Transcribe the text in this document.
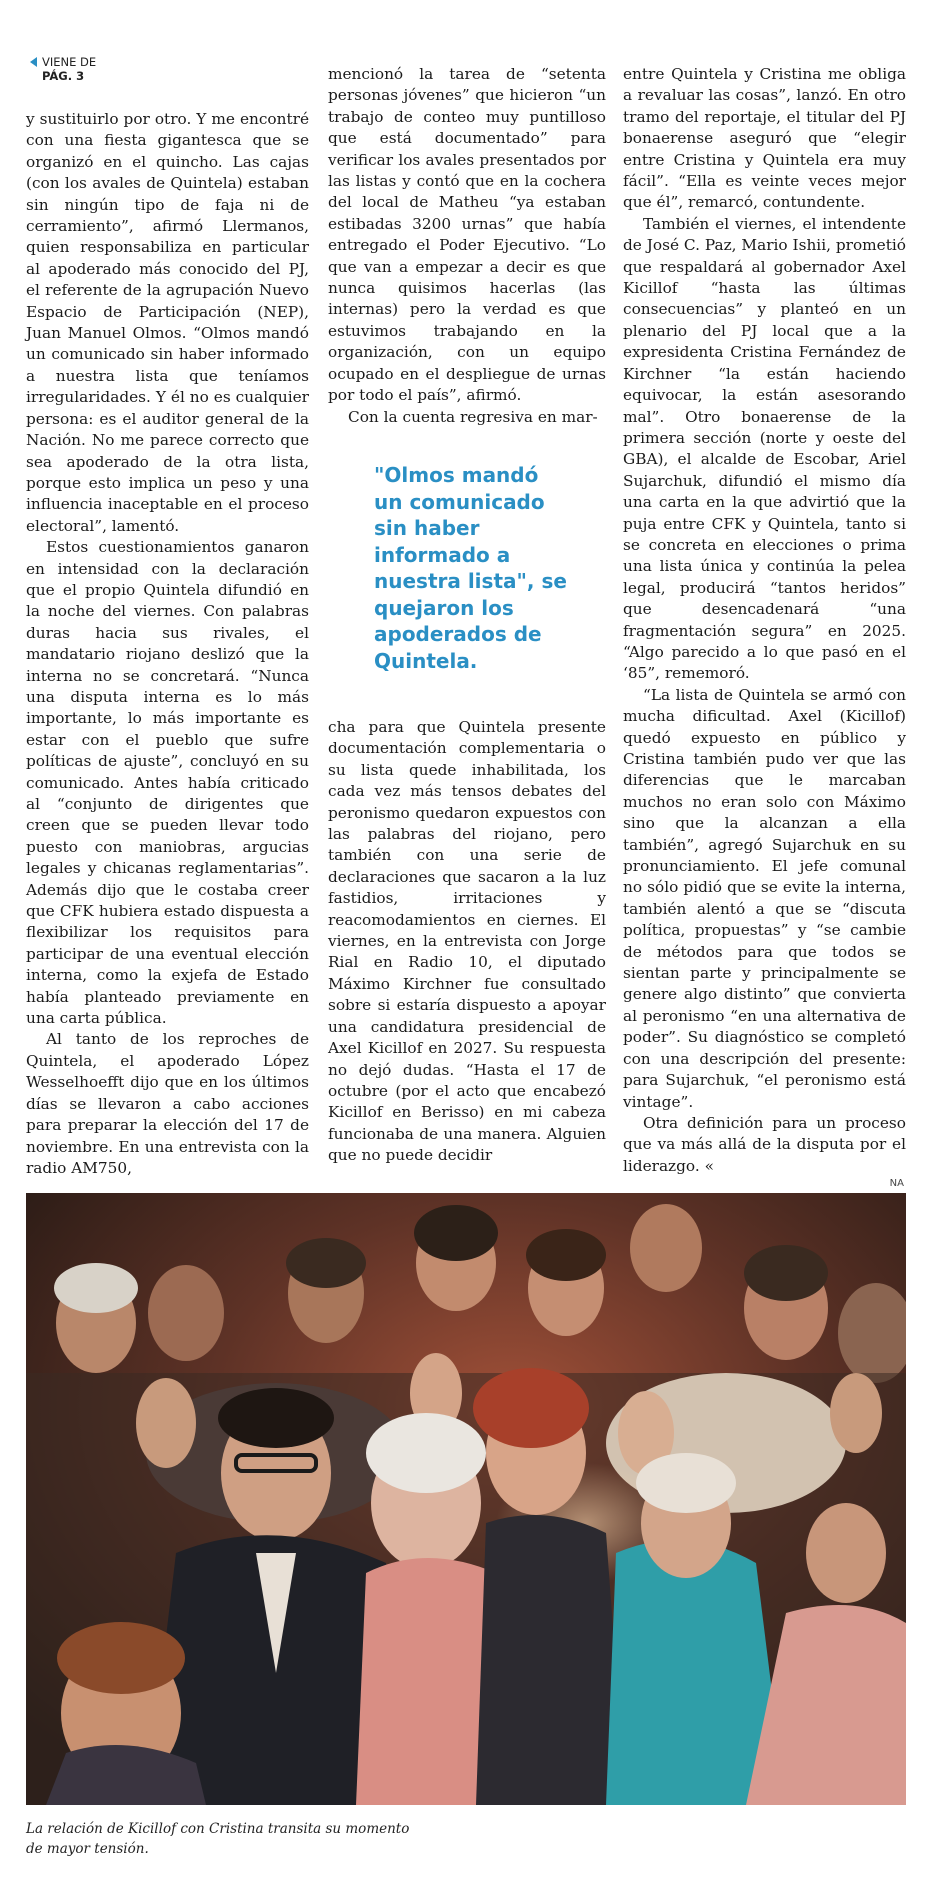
VIENE DE
PÁG. 3

y sustituirlo por otro. Y me encontré con una fiesta gigantesca que se organizó en el quincho. Las cajas (con los avales de Quintela) estaban sin ningún tipo de faja ni de cerramiento”, afirmó Llermanos, quien responsabiliza en particular al apoderado más conocido del PJ, el referente de la agrupación Nuevo Espacio de Participación (NEP), Juan Manuel Olmos. “Olmos mandó un comunicado sin haber informado a nuestra lista que teníamos irregularidades. Y él no es cualquier persona: es el auditor general de la Nación. No me parece correcto que sea apoderado de la otra lista, porque esto implica un peso y una influencia inaceptable en el proceso electoral”, lamentó.

Estos cuestionamientos ganaron en intensidad con la declaración que el propio Quintela difundió en la noche del viernes. Con palabras duras hacia sus rivales, el mandatario riojano deslizó que la interna no se concretará. “Nunca una disputa interna es lo más importante, lo más importante es estar con el pueblo que sufre políticas de ajuste”, concluyó en su comunicado. Antes había criticado al “conjunto de dirigentes que creen que se pueden llevar todo puesto con maniobras, argucias legales y chicanas reglamentarias”. Además dijo que le costaba creer que CFK hubiera estado dispuesta a flexibilizar los requisitos para participar de una eventual elección interna, como la exjefa de Estado había planteado previamente en una carta pública.

Al tanto de los reproches de Quintela, el apoderado López Wesselhoefft dijo que en los últimos días se llevaron a cabo acciones para preparar la elección del 17 de noviembre. En una entrevista con la radio AM750,

mencionó la tarea de “setenta personas jóvenes” que hicieron “un trabajo de conteo muy puntilloso que está documentado” para verificar los avales presentados por las listas y contó que en la cochera del local de Matheu “ya estaban estibadas 3200 urnas” que había entregado el Poder Ejecutivo. “Lo que van a empezar a decir es que nunca quisimos hacerlas (las internas) pero la verdad es que estuvimos trabajando en la organización, con un equipo ocupado en el despliegue de urnas por todo el país”, afirmó.

Con la cuenta regresiva en mar-

"Olmos mandó un comunicado sin haber informado a nuestra lista", se quejaron los apoderados de Quintela.

cha para que Quintela presente documentación complementaria o su lista quede inhabilitada, los cada vez más tensos debates del peronismo quedaron expuestos con las palabras del riojano, pero también con una serie de declaraciones que sacaron a la luz fastidios, irritaciones y reacomodamientos en ciernes. El viernes, en la entrevista con Jorge Rial en Radio 10, el diputado Máximo Kirchner fue consultado sobre si estaría dispuesto a apoyar una candidatura presidencial de Axel Kicillof en 2027. Su respuesta no dejó dudas. “Hasta el 17 de octubre (por el acto que encabezó Kicillof en Berisso) en mi cabeza funcionaba de una manera. Alguien que no puede decidir

entre Quintela y Cristina me obliga a revaluar las cosas”, lanzó. En otro tramo del reportaje, el titular del PJ bonaerense aseguró que “elegir entre Cristina y Quintela era muy fácil”. “Ella es veinte veces mejor que él”, remarcó, contundente.

También el viernes, el intendente de José C. Paz, Mario Ishii, prometió que respaldará al gobernador Axel Kicillof “hasta las últimas consecuencias” y planteó en un plenario del PJ local que a la expresidenta Cristina Fernández de Kirchner “la están haciendo equivocar, la están asesorando mal”. Otro bonaerense de la primera sección (norte y oeste del GBA), el alcalde de Escobar, Ariel Sujarchuk, difundió el mismo día una carta en la que advirtió que la puja entre CFK y Quintela, tanto si se concreta en elecciones o prima una lista única y continúa la pelea legal, producirá “tantos heridos” que desencadenará “una fragmentación segura” en 2025. “Algo parecido a lo que pasó en el ‘85”, rememoró.

“La lista de Quintela se armó con mucha dificultad. Axel (Kicillof) quedó expuesto en público y Cristina también pudo ver que las diferencias que le marcaban muchos no eran solo con Máximo sino que la alcanzan a ella también”, agregó Sujarchuk en su pronunciamiento. El jefe comunal no sólo pidió que se evite la interna, también alentó a que se “discuta política, propuestas” y “se cambie de métodos para que todos se sientan parte y principalmente se genere algo distinto” que convierta al peronismo “en una alternativa de poder”. Su diagnóstico se completó con una descripción del presente: para Sujarchuk, “el peronismo está vintage”.

Otra definición para un proceso que va más allá de la disputa por el liderazgo. «

NA
La relación de Kicillof con Cristina transita su momento
de mayor tensión.
